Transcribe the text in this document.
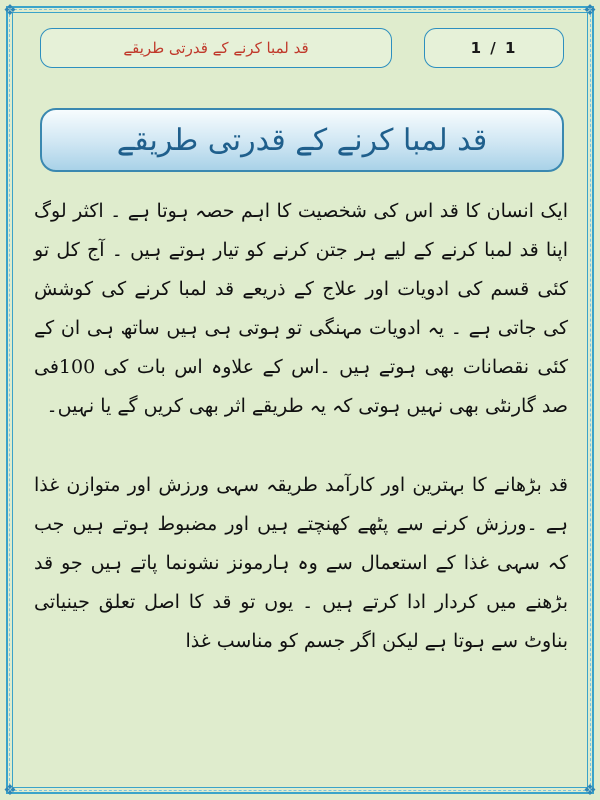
❖	❖
❖	❖
قد لمبا کرنے کے قدرتی طریقے	1 / 1
قد لمبا کرنے کے قدرتی طریقے

ایک انسان کا قد اس کی شخصیت کا اہم حصہ ہوتا ہے ۔ اکثر لوگ اپنا قد لمبا کرنے کے لیے ہر جتن کرنے کو تیار ہوتے ہیں ۔ آج کل تو کئی قسم کی ادویات اور علاج کے ذریعے قد لمبا کرنے کی کوشش کی جاتی ہے ۔ یہ ادویات مہنگی تو ہوتی ہی ہیں ساتھ ہی ان کے کئی نقصانات بھی ہوتے ہیں ۔اس کے علاوہ اس بات کی 100فی صد گارنٹی بھی نہیں ہوتی کہ یہ طریقے اثر بھی کریں گے یا نہیں۔

قد بڑھانے کا بہترین اور کارآمد طریقہ سہی ورزش اور متوازن غذا ہے ۔ورزش کرنے سے پٹھے کھنچتے ہیں اور مضبوط ہوتے ہیں جب کہ سہی غذا کے استعمال سے وہ ہارمونز نشونما پاتے ہیں جو قد بڑھنے میں کردار ادا کرتے ہیں ۔ یوں تو قد کا اصل تعلق جینیاتی بناوٹ سے ہوتا ہے لیکن اگر جسم کو مناسب غذا
